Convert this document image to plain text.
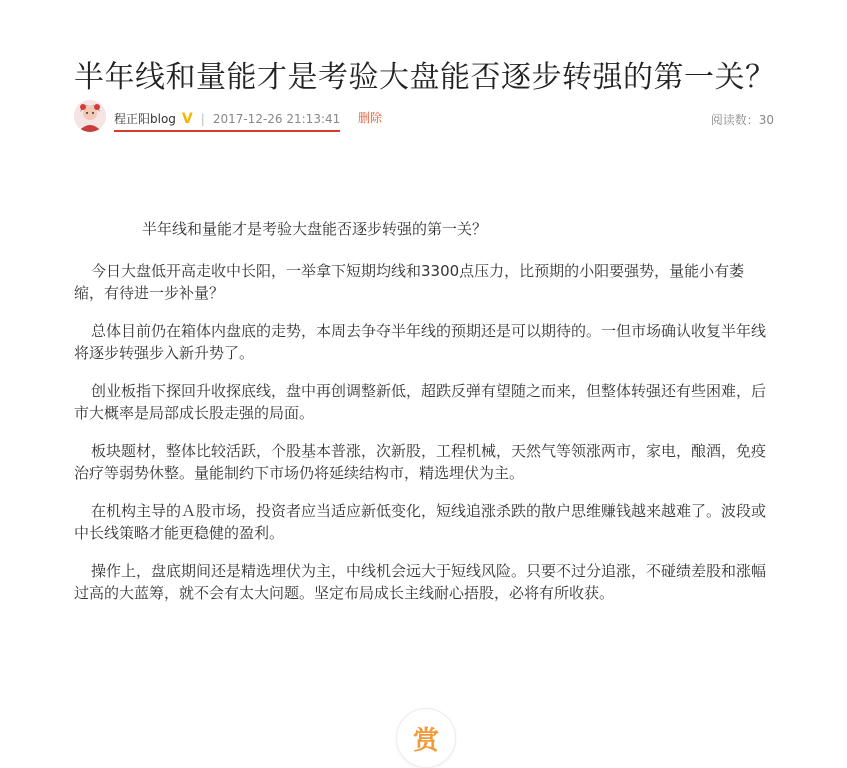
半年线和量能才是考验大盘能否逐步转强的第一关？
程正阳blog V | 2017-12-26 21:13:41 删除	阅读数：30

半年线和量能才是考验大盘能否逐步转强的第一关？

今日大盘低开高走收中长阳，一举拿下短期均线和3300点压力，比预期的小阳要强势，量能小有萎缩，有待进一步补量？

总体目前仍在箱体内盘底的走势，本周去争夺半年线的预期还是可以期待的。一但市场确认收复半年线将逐步转强步入新升势了。

创业板指下探回升收探底线，盘中再创调整新低，超跌反弹有望随之而来，但整体转强还有些困难，后市大概率是局部成长股走强的局面。

板块题材，整体比较活跃，个股基本普涨，次新股，工程机械，天然气等领涨两市，家电，酿酒，免疫治疗等弱势休整。量能制约下市场仍将延续结构市，精选埋伏为主。

在机构主导的Ａ股市场，投资者应当适应新低变化，短线追涨杀跌的散户思维赚钱越来越难了。波段或中长线策略才能更稳健的盈利。

操作上，盘底期间还是精选埋伏为主，中线机会远大于短线风险。只要不过分追涨，不碰绩差股和涨幅过高的大蓝筹，就不会有太大问题。坚定布局成长主线耐心捂股，必将有所收获。

赏
